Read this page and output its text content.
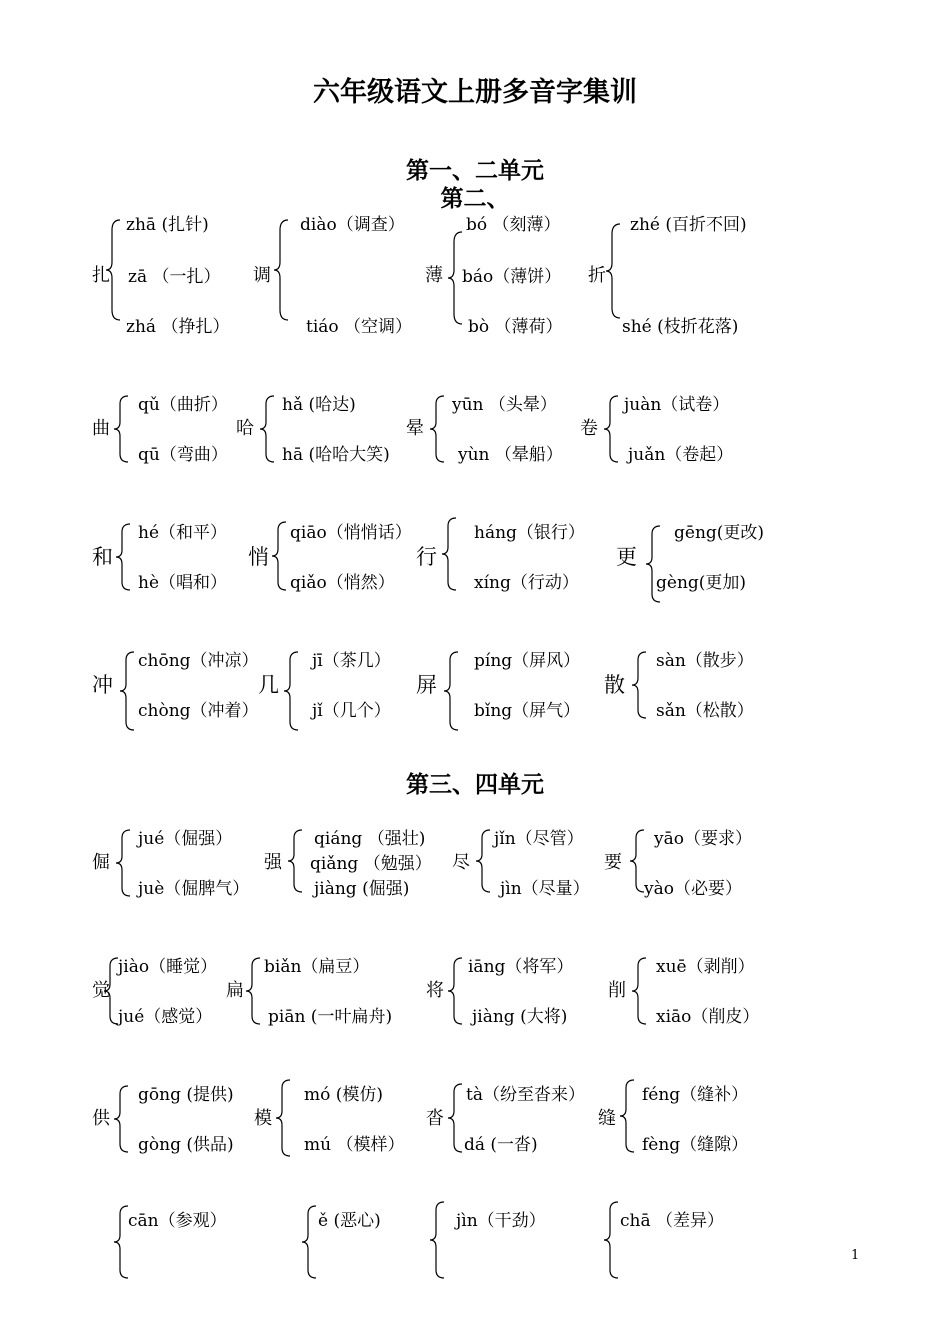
六年级语文上册多音字集训
第一、二单元
第二、
第三、四单元
1
扎
zhā (扎针)
zā （一扎）
zhá （挣扎）
调
diào（调查）
tiáo （空调）
薄
bó （刻薄）
báo（薄饼）
bò （薄荷）
折
zhé (百折不回)
shé (枝折花落)
曲
qǔ（曲折）
qū（弯曲）
哈
hǎ (哈达)
hā (哈哈大笑)
晕
yūn （头晕）
yùn （晕船）
卷
juàn（试卷）
juǎn（卷起）
和
hé（和平）
hè（唱和）
悄
qiāo（悄悄话）
qiǎo（悄然）
行
háng（银行）
xíng（行动）
更
gēng(更改)
gèng(更加)
冲
chōng（冲凉）
chòng（冲着）
几
jī（茶几）
jǐ（几个）
屏
píng（屏风）
bǐng（屏气）
散
sàn（散步）
sǎn（松散）
倔
jué（倔强）
juè（倔脾气）
强
qiáng （强壮)
qiǎng （勉强）
jiàng (倔强)
尽
jǐn（尽管）
jìn（尽量）
要
yāo（要求）
yào（必要）
觉
jiào（睡觉）
jué（感觉）
扁
biǎn（扁豆）
piān (一叶扁舟)
将
iāng（将军）
jiàng (大将)
削
xuē（剥削）
xiāo（削皮）
供
gōng (提供)
gòng (供品)
模
mó (模仿)
mú （模样）
沓
tà（纷至沓来）
dá (一沓)
缝
féng（缝补）
fèng（缝隙）
cān（参观）	ě (恶心)	jìn（干劲）	chā （差异）
